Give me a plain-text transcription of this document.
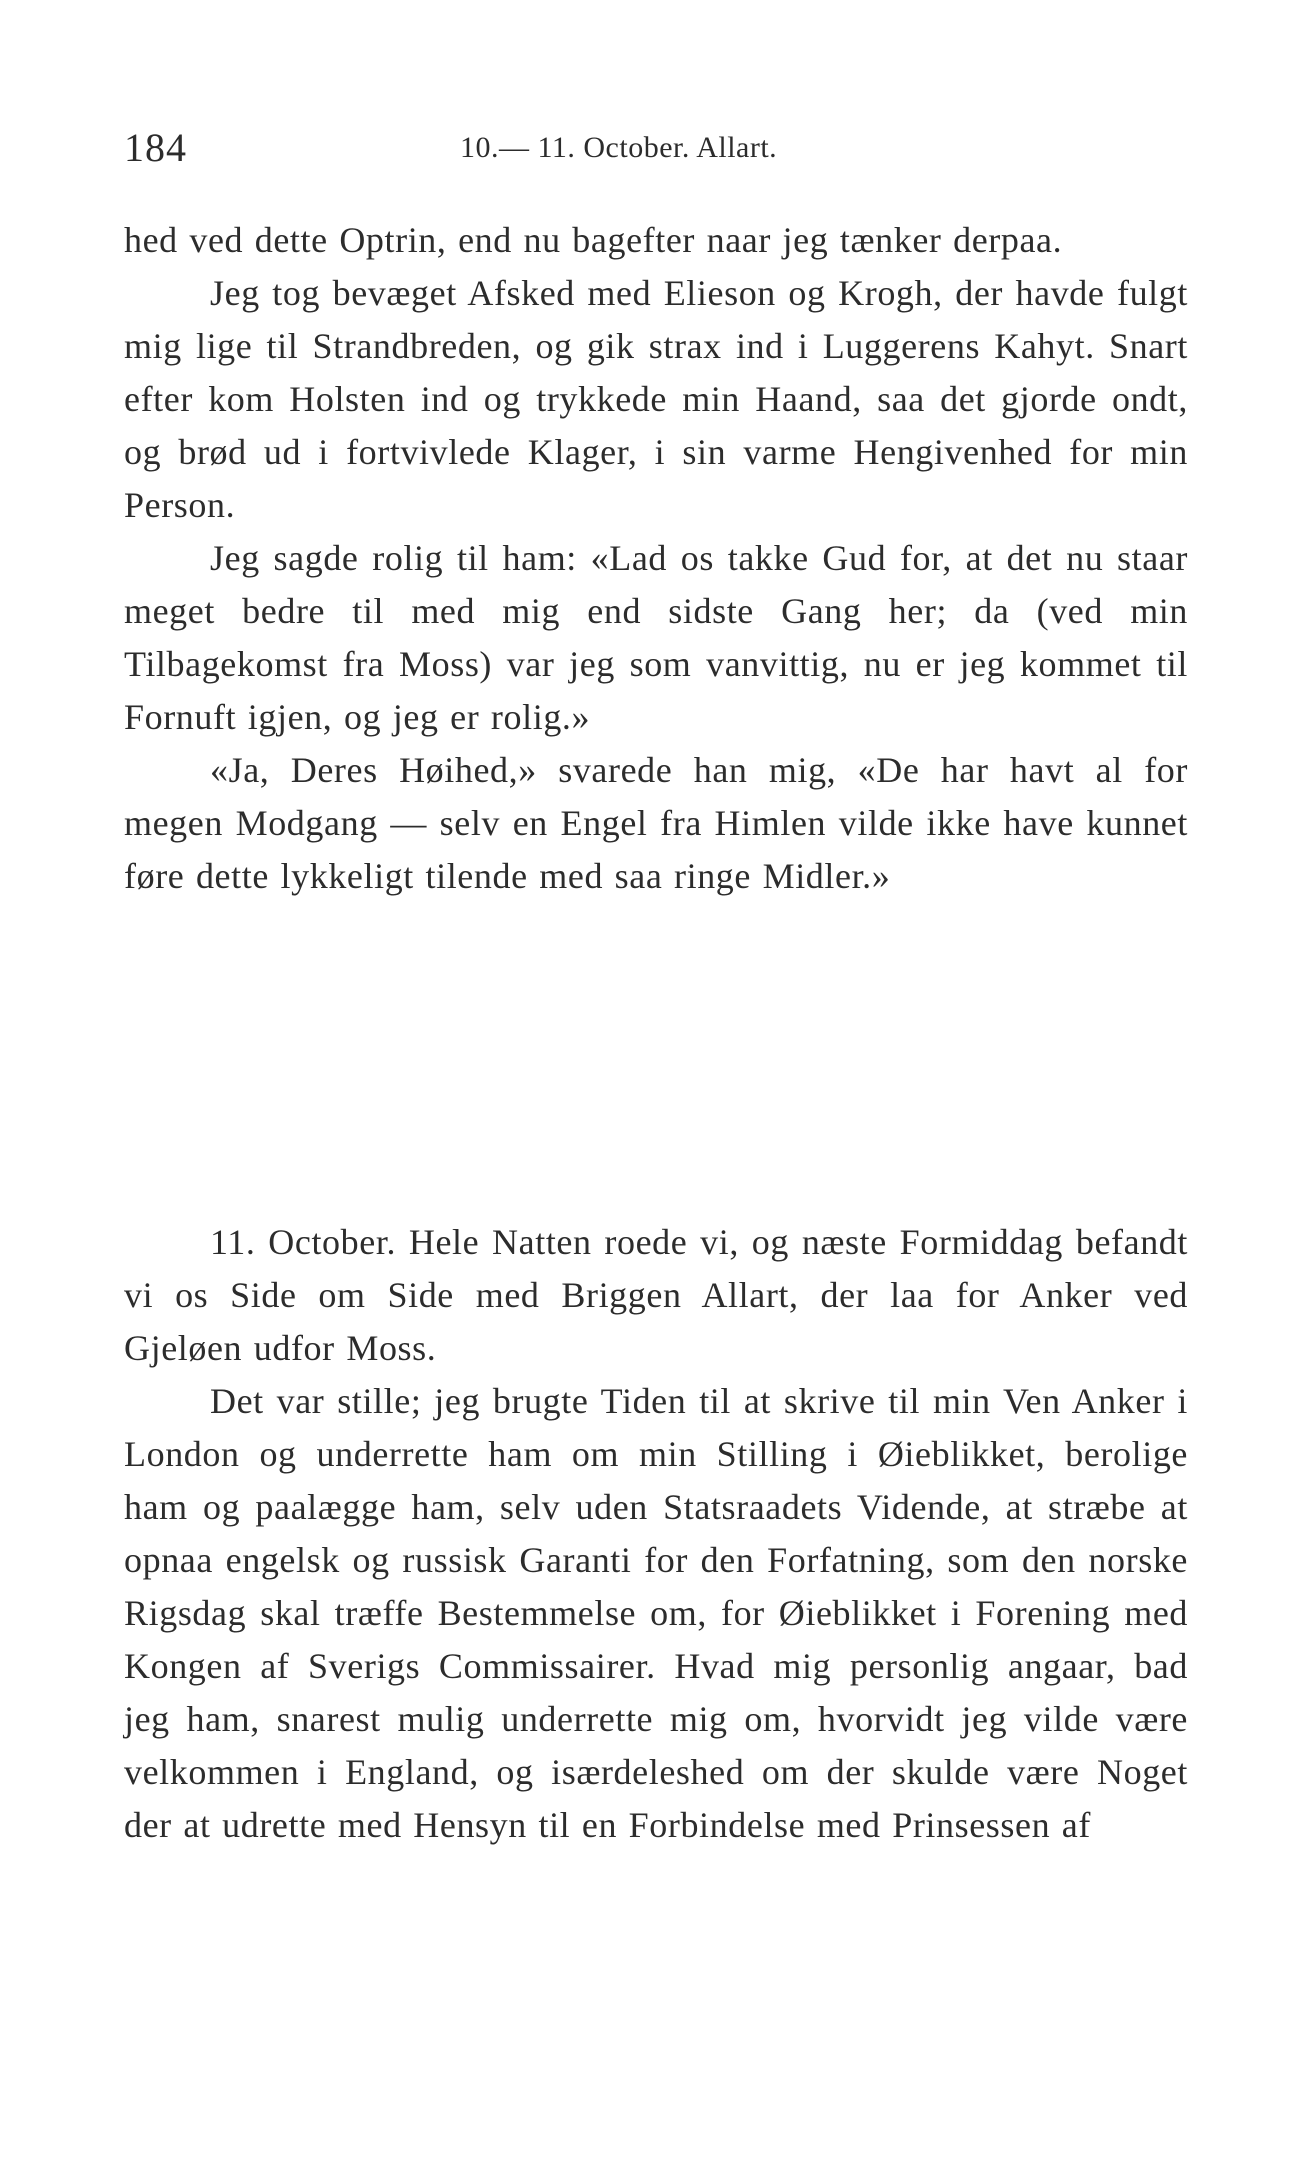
184	10.— 11. October. Allart.

hed ved dette Optrin, end nu bagefter naar jeg tænker derpaa.

Jeg tog bevæget Afsked med Elieson og Krogh, der havde fulgt mig lige til Strandbreden, og gik strax ind i Luggerens Kahyt. Snart efter kom Holsten ind og trykkede min Haand, saa det gjorde ondt, og brød ud i fortvivlede Klager, i sin varme Hengivenhed for min Person.

Jeg sagde rolig til ham: «Lad os takke Gud for, at det nu staar meget bedre til med mig end sidste Gang her; da (ved min Tilbagekomst fra Moss) var jeg som vanvittig, nu er jeg kommet til Fornuft igjen, og jeg er rolig.»

«Ja, Deres Høihed,» svarede han mig, «De har havt al for megen Modgang — selv en Engel fra Himlen vilde ikke have kunnet føre dette lykkeligt tilende med saa ringe Midler.»

11. October. Hele Natten roede vi, og næste Formiddag befandt vi os Side om Side med Briggen Allart, der laa for Anker ved Gjeløen udfor Moss.

Det var stille; jeg brugte Tiden til at skrive til min Ven Anker i London og underrette ham om min Stilling i Øieblikket, berolige ham og paalægge ham, selv uden Statsraadets Vidende, at stræbe at opnaa engelsk og russisk Garanti for den Forfatning, som den norske Rigsdag skal træffe Bestemmelse om, for Øieblikket i Forening med Kongen af Sverigs Commissairer. Hvad mig personlig angaar, bad jeg ham, snarest mulig underrette mig om, hvorvidt jeg vilde være velkommen i England, og isærdeleshed om der skulde være Noget der at udrette med Hensyn til en Forbindelse med Prinsessen af
